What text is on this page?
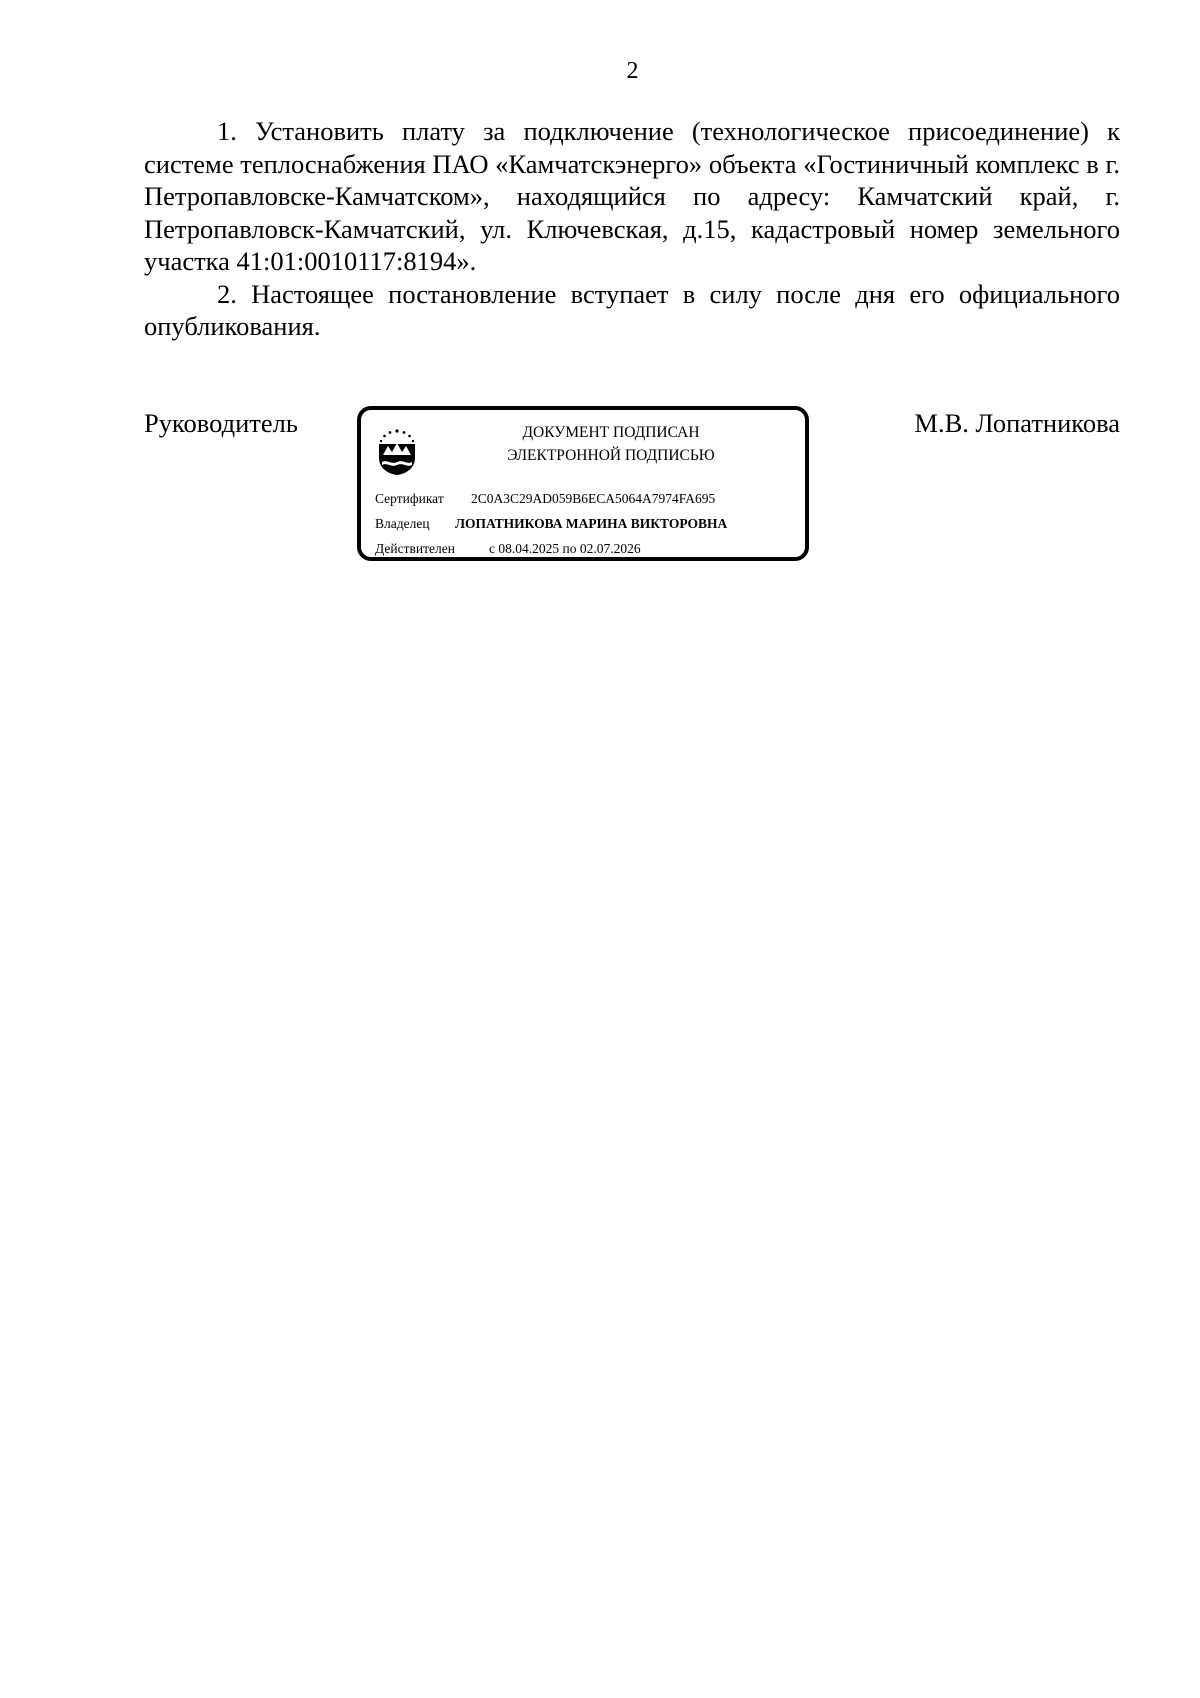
2

1. Установить плату за подключение (технологическое присоединение) к системе теплоснабжения ПАО «Камчатскэнерго» объекта «Гостиничный комплекс в г. Петропавловске-Камчатском», находящийся по адресу: Камчатский край, г. Петропавловск-Камчатский, ул. Ключевская, д.15, кадастровый номер земельного участка 41:01:0010117:8194».

2. Настоящее постановление вступает в силу после дня его официального опубликования.

Руководитель	ДОКУМЕНТ ПОДПИСАН
ЭЛЕКТРОННОЙ ПОДПИСЬЮ
Сертификат 2C0A3C29AD059B6ECA5064A7974FA695
Владелец ЛОПАТНИКОВА МАРИНА ВИКТОРОВНА
Действителен	с 08.04.2025 по 02.07.2026
М.В. Лопатникова
